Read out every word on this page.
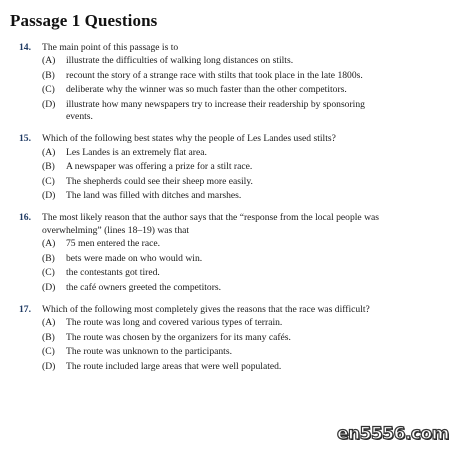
Passage 1 Questions
14. The main point of this passage is to
(A) illustrate the difficulties of walking long distances on stilts.
(B) recount the story of a strange race with stilts that took place in the late 1800s.
(C) deliberate why the winner was so much faster than the other competitors.
(D) illustrate how many newspapers try to increase their readership by sponsoring events.
15. Which of the following best states why the people of Les Landes used stilts?
(A) Les Landes is an extremely flat area.
(B) A newspaper was offering a prize for a stilt race.
(C) The shepherds could see their sheep more easily.
(D) The land was filled with ditches and marshes.
16. The most likely reason that the author says that the “response from the local people was overwhelming” (lines 18–19) was that
(A) 75 men entered the race.
(B) bets were made on who would win.
(C) the contestants got tired.
(D) the café owners greeted the competitors.
17. Which of the following most completely gives the reasons that the race was difficult?
(A) The route was long and covered various types of terrain.
(B) The route was chosen by the organizers for its many cafés.
(C) The route was unknown to the participants.
(D) The route included large areas that were well populated.
en5556.com
